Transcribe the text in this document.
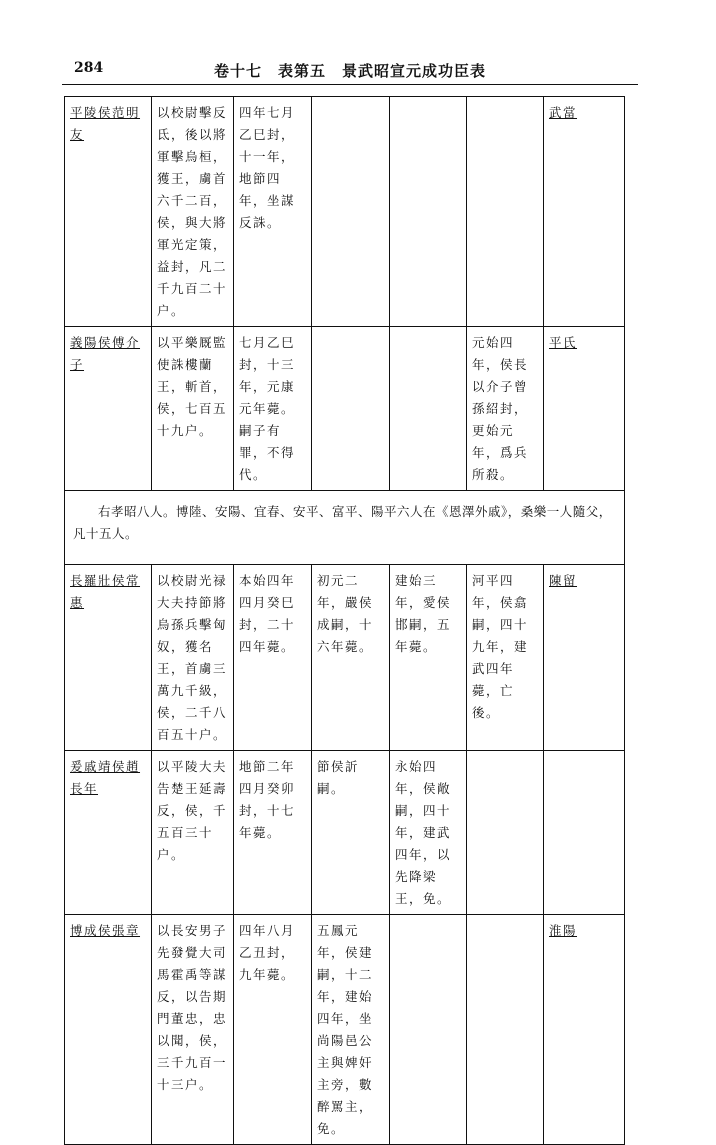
284	卷十七　表第五　景武昭宣元成功臣表
平陵侯范明友	以校尉擊反氐，後以將軍擊烏桓，獲王，虜首六千二百，侯，與大將軍光定策，益封，凡二千九百二十户。	四年七月乙巳封，十一年，地節四年，坐謀反誅。				武當
義陽侯傅介子	以平樂厩監使誅樓蘭王，斬首，侯，七百五十九户。	七月乙巳封，十三年，元康元年薨。嗣子有罪，不得代。			元始四年，侯長以介子曾孫紹封，更始元年，爲兵所殺。	平氏

右孝昭八人。博陸、安陽、宜春、安平、富平、陽平六人在《恩澤外戚》，桑樂一人隨父，凡十五人。						

長羅壯侯常惠	以校尉光禄大夫持節將烏孫兵擊匈奴，獲名王，首虜三萬九千級，侯，二千八百五十户。	本始四年四月癸巳封，二十四年薨。	初元二年，嚴侯成嗣，十六年薨。	建始三年，愛侯邯嗣，五年薨。	河平四年，侯翕嗣，四十九年，建武四年薨，亡後。	陳留
爰戚靖侯趙長年	以平陵大夫告楚王延壽反，侯，千五百三十户。	地節二年四月癸卯封，十七年薨。	節侯訢嗣。	永始四年，侯敞嗣，四十年，建武四年，以先降梁王，免。		
博成侯張章	以長安男子先發覺大司馬霍禹等謀反，以告期門董忠，忠以聞，侯，三千九百一十三户。	四年八月乙丑封，九年薨。	五鳳元年，侯建嗣，十二年，建始四年，坐尚陽邑公主與婢奸主旁，數醉罵主，免。			淮陽
